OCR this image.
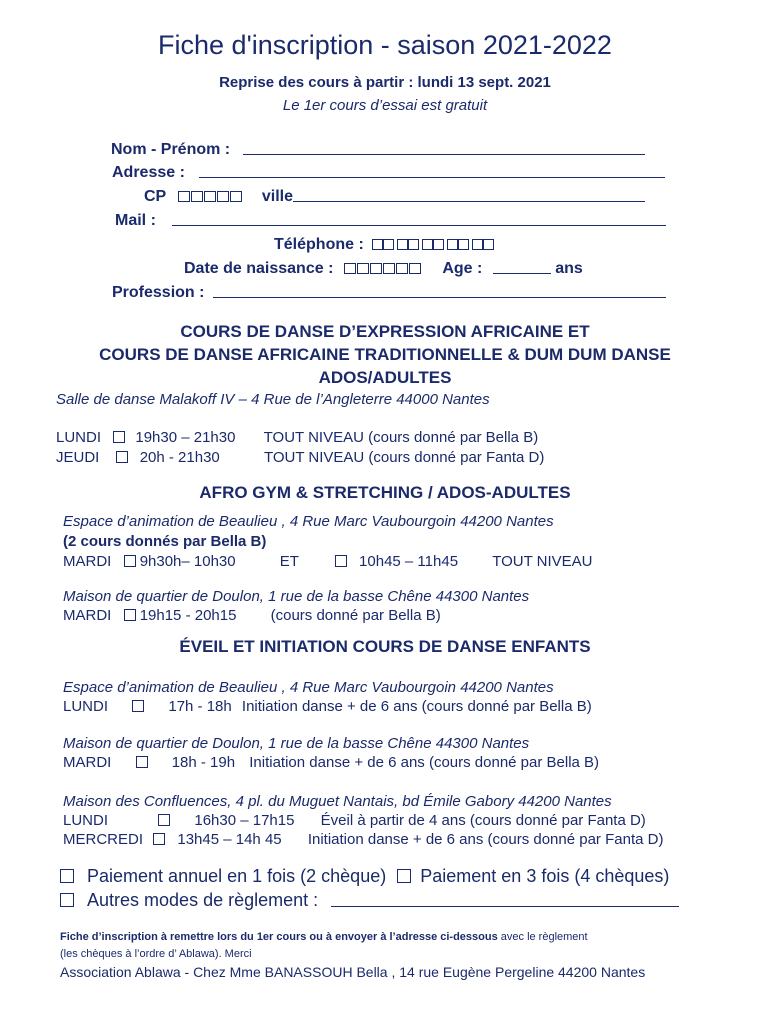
Fiche d'inscription - saison 2021-2022
Reprise des cours à partir : lundi 13 sept. 2021
Le 1er cours d’essai est gratuit
Nom - Prénom :
Adresse :
CP	ville
Mail :
Téléphone :
Date de naissance :	Age :	ans
Profession :
COURS DE DANSE D’EXPRESSION AFRICAINE ET
COURS DE DANSE AFRICAINE TRADITIONNELLE & DUM DUM DANSE
ADOS/ADULTES
Salle de danse Malakoff IV – 4 Rue de l’Angleterre 44000 Nantes
LUNDI 19h30 – 21h30 TOUT NIVEAU (cours donné par Bella B)
JEUDI	20h - 21h30	TOUT NIVEAU (cours donné par Fanta D)
AFRO GYM & STRETCHING / ADOS-ADULTES
Espace d’animation de Beaulieu , 4 Rue Marc Vaubourgoin 44200 Nantes
(2 cours donnés par Bella B)
MARDI 9h30h– 10h30	ET	10h45 – 11h45 TOUT NIVEAU
Maison de quartier de Doulon, 1 rue de la basse Chêne 44300 Nantes
MARDI 19h15 - 20h15 (cours donné par Bella B)
ÉVEIL ET INITIATION COURS DE DANSE ENFANTS
Espace d’animation de Beaulieu , 4 Rue Marc Vaubourgoin 44200 Nantes
LUNDI	17h - 18h Initiation danse + de 6 ans (cours donné par Bella B)
Maison de quartier de Doulon, 1 rue de la basse Chêne 44300 Nantes
MARDI	18h - 19h Initiation danse + de 6 ans (cours donné par Bella B)
Maison des Confluences, 4 pl. du Muguet Nantais, bd Émile Gabory 44200 Nantes
LUNDI	16h30 – 17h15 Éveil à partir de 4 ans (cours donné par Fanta D)
MERCREDI 13h45 – 14h 45 Initiation danse + de 6 ans (cours donné par Fanta D)
Paiement annuel en 1 fois (2 chèque) Paiement en 3 fois (4 chèques)
Autres modes de règlement :
Fiche d’inscription à remettre lors du 1er cours ou à envoyer à l’adresse ci-dessous avec le règlement
(les chèques à l’ordre d’ Ablawa). Merci
Association Ablawa - Chez Mme BANASSOUH Bella , 14 rue Eugène Pergeline 44200 Nantes
